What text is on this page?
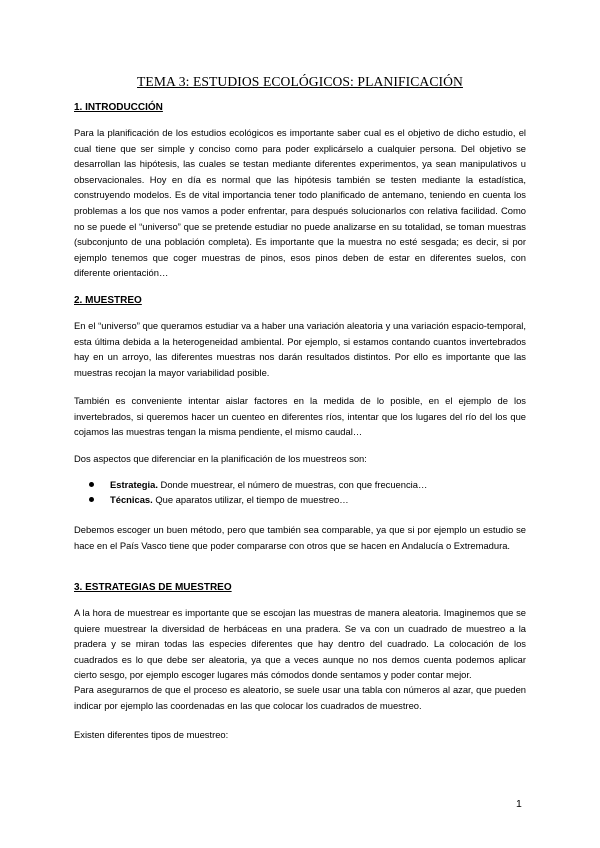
TEMA 3: ESTUDIOS ECOLÓGICOS: PLANIFICACIÓN
1. INTRODUCCIÓN

Para la planificación de los estudios ecológicos es importante saber cual es el objetivo de dicho estudio, el cual tiene que ser simple y conciso como para poder explicárselo a cualquier persona. Del objetivo se desarrollan las hipótesis, las cuales se testan mediante diferentes experimentos, ya sean manipulativos u observacionales. Hoy en día es normal que las hipótesis también se testen mediante la estadística, construyendo modelos. Es de vital importancia tener todo planificado de antemano, teniendo en cuenta los problemas a los que nos vamos a poder enfrentar, para después solucionarlos con relativa facilidad. Como no se puede el “universo” que se pretende estudiar no puede analizarse en su totalidad, se toman muestras (subconjunto de una población completa). Es importante que la muestra no esté sesgada; es decir, si por ejemplo tenemos que coger muestras de pinos, esos pinos deben de estar en diferentes suelos, con diferente orientación…

2. MUESTREO

En el “universo” que queramos estudiar va a haber una variación aleatoria y una variación espacio-temporal, esta última debida a la heterogeneidad ambiental. Por ejemplo, si estamos contando cuantos invertebrados hay en un arroyo, las diferentes muestras nos darán resultados distintos. Por ello es importante que las muestras recojan la mayor variabilidad posible.

También es conveniente intentar aislar factores en la medida de lo posible, en el ejemplo de los invertebrados, si queremos hacer un cuenteo en diferentes ríos, intentar que los lugares del río del los que cojamos las muestras tengan la misma pendiente, el mismo caudal…

Dos aspectos que diferenciar en la planificación de los muestreos son:

Estrategia. Donde muestrear, el número de muestras, con que frecuencia…
Técnicas. Que aparatos utilizar, el tiempo de muestreo…

Debemos escoger un buen método, pero que también sea comparable, ya que si por ejemplo un estudio se hace en el País Vasco tiene que poder compararse con otros que se hacen en Andalucía o Extremadura.

3. ESTRATEGIAS DE MUESTREO

A la hora de muestrear es importante que se escojan las muestras de manera aleatoria. Imaginemos que se quiere muestrear la diversidad de herbáceas en una pradera. Se va con un cuadrado de muestreo a la pradera y se miran todas las especies diferentes que hay dentro del cuadrado. La colocación de los cuadrados es lo que debe ser aleatoria, ya que a veces aunque no nos demos cuenta podemos aplicar cierto sesgo, por ejemplo escoger lugares más cómodos donde sentamos y poder contar mejor.

Para asegurarnos de que el proceso es aleatorio, se suele usar una tabla con números al azar, que pueden indicar por ejemplo las coordenadas en las que colocar los cuadrados de muestreo.

Existen diferentes tipos de muestreo:

1
